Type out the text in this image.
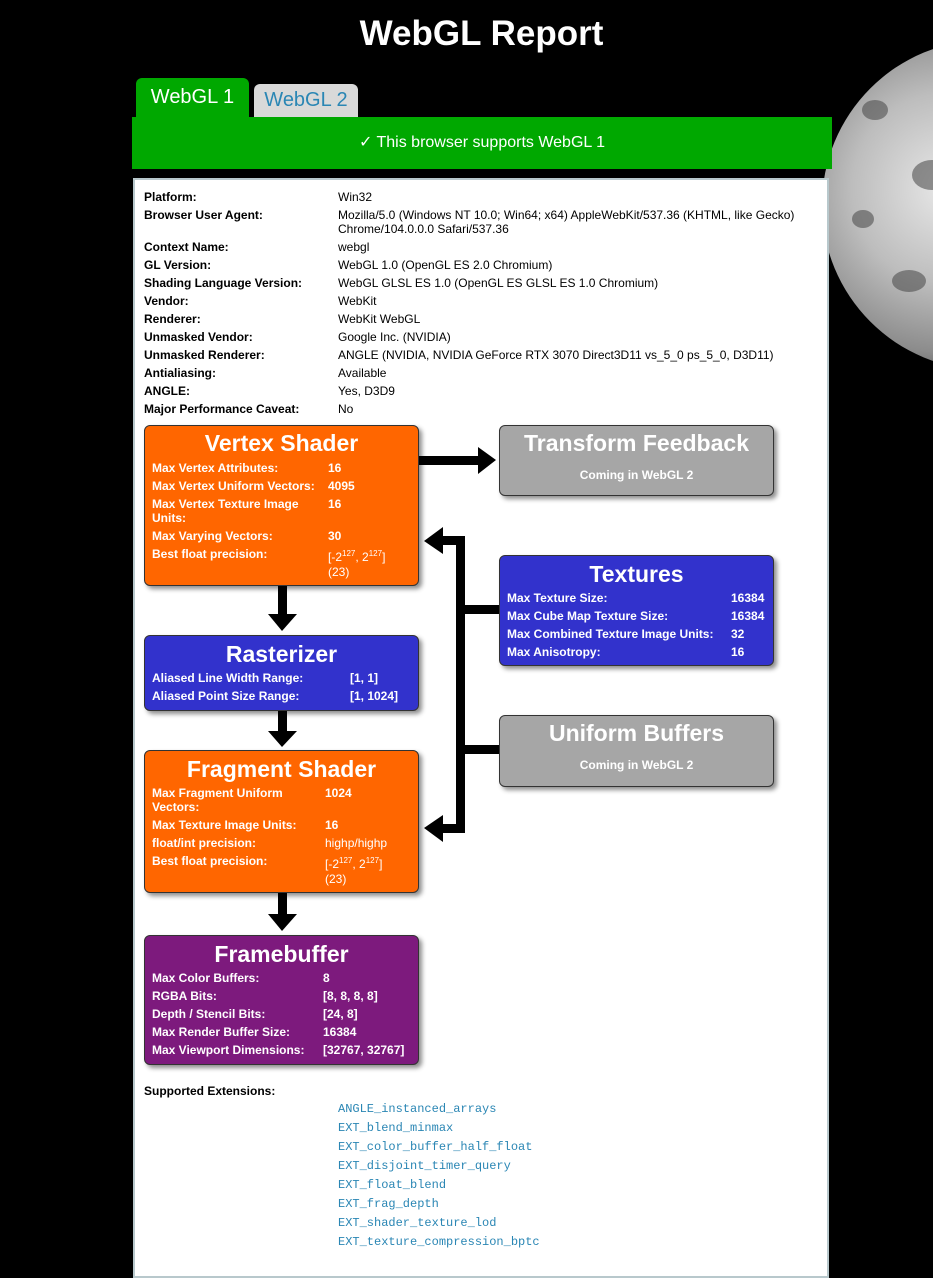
WebGL Report
WebGL 1	WebGL 2
✓ This browser supports WebGL 1
Platform:	Win32
Browser User Agent:	Mozilla/5.0 (Windows NT 10.0; Win64; x64) AppleWebKit/537.36 (KHTML, like Gecko)
Chrome/104.0.0.0 Safari/537.36
Context Name:	webgl
GL Version:	WebGL 1.0 (OpenGL ES 2.0 Chromium)
Shading Language Version:	WebGL GLSL ES 1.0 (OpenGL ES GLSL ES 1.0 Chromium)
Vendor:	WebKit
Renderer:	WebKit WebGL
Unmasked Vendor:	Google Inc. (NVIDIA)
Unmasked Renderer:	ANGLE (NVIDIA, NVIDIA GeForce RTX 3070 Direct3D11 vs_5_0 ps_5_0, D3D11)
Antialiasing:	Available
ANGLE:	Yes, D3D9
Major Performance Caveat:	No
Vertex Shader
Max Vertex Attributes:	16
Max Vertex Uniform Vectors: 4095
Max Vertex Texture Image
Units:
16
Max Varying Vectors:	30
Best float precision:	[$-2^{127}$, $2^{127}$]
(23)
Transform Feedback
Coming in WebGL 2
Textures
Max Texture Size:	16384
Max Cube Map Texture Size:	16384
Max Combined Texture Image Units: 32
Max Anisotropy:	16
Rasterizer
Aliased Line Width Range:	[1, 1]
Aliased Point Size Range:	[1, 1024]
Uniform Buffers
Coming in WebGL 2
Fragment Shader
Max Fragment Uniform
Vectors:
1024
Max Texture Image Units: 16
float/int precision:	highp/highp
Best float precision:	[$-2^{127}$, $2^{127}$]
(23)
Framebuffer
Max Color Buffers:	8
RGBA Bits:	[8, 8, 8, 8]
Depth / Stencil Bits:	[24, 8]
Max Render Buffer Size:	16384
Max Viewport Dimensions: [32767, 32767]
Supported Extensions:
ANGLE_instanced_arrays
EXT_blend_minmax
EXT_color_buffer_half_float
EXT_disjoint_timer_query
EXT_float_blend
EXT_frag_depth
EXT_shader_texture_lod
EXT_texture_compression_bptc
